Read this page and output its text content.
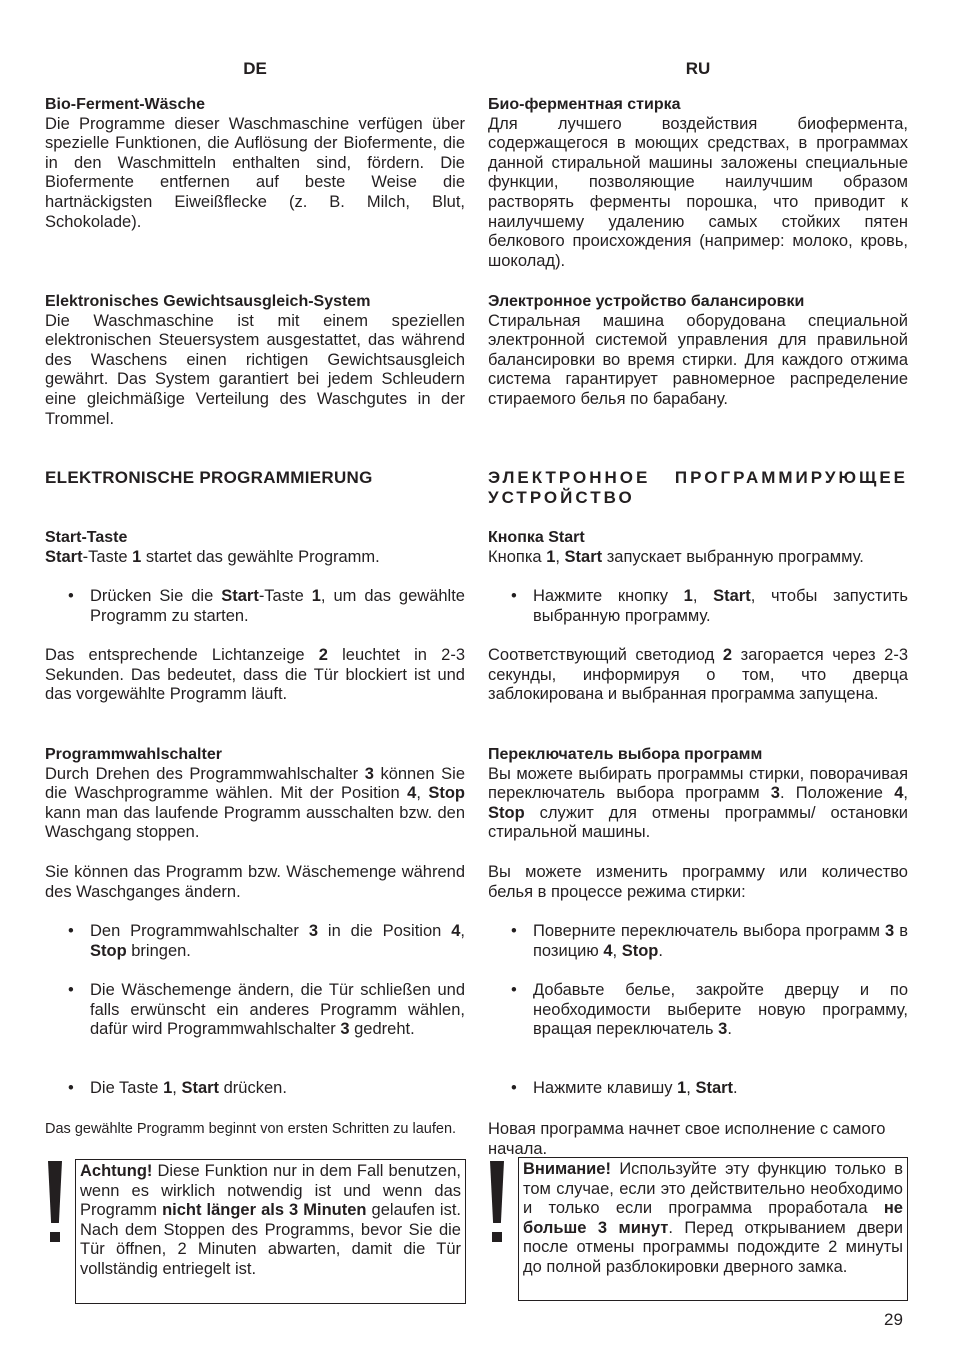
DE
Bio-Ferment-Wäsche
Die Programme dieser Waschmaschine verfügen über spezielle Funktionen, die Auflösung der Biofermente, die in den Waschmitteln enthalten sind, fördern. Die Biofermente entfernen auf beste Weise die hartnäckigsten Eiweißflecke (z. B. Milch, Blut, Schokolade).
Elektronisches Gewichtsausgleich-System
Die Waschmaschine ist mit einem speziellen elektronischen Steuersystem ausgestattet, das während des Waschens einen richtigen Gewichtsausgleich gewährt. Das System garantiert bei jedem Schleudern eine gleichmäßige Verteilung des Waschgutes in der Trommel.
ELEKTRONISCHE PROGRAMMIERUNG
Start-Taste
Start-Taste 1 startet das gewählte Programm.
• Drücken Sie die Start-Taste 1, um das gewählte Programm zu starten.
Das entsprechende Lichtanzeige 2 leuchtet in 2-3 Sekunden. Das bedeutet, dass die Tür blockiert ist und das vorgewählte Programm läuft.
Programmwahlschalter
Durch Drehen des Programmwahlschalter 3 können Sie die Waschprogramme wählen. Mit der Position 4, Stop kann man das laufende Programm ausschalten bzw. den Waschgang stoppen.
Sie können das Programm bzw. Wäschemenge während des Waschganges ändern.
• Den Programmwahlschalter 3 in die Position 4, Stop bringen.
• Die Wäschemenge ändern, die Tür schließen und falls erwünscht ein anderes Programm wählen, dafür wird Programmwahlschalter 3 gedreht.
• Die Taste 1, Start drücken.
Das gewählte Programm beginnt von ersten Schritten zu laufen.
Achtung! Diese Funktion nur in dem Fall benutzen, wenn es wirklich notwendig ist und wenn das Programm nicht länger als 3 Minuten gelaufen ist. Nach dem Stoppen des Programms, bevor Sie die Tür öffnen, 2 Minuten abwarten, damit die Tür vollständig entriegelt ist.
RU
Био-ферментная стирка
Для лучшего воздействия биофермента, содержащегося в моющих средствах, в программах данной стиральной машины заложены специальные функции, позволяющие наилучшим образом растворять ферменты порошка, что приводит к наилучшему удалению самых стойких пятен белкового происхождения (например: молоко, кровь, шоколад).
Электронное устройство балансировки
Стиральная машина оборудована специальной электронной системой управления для правильной балансировки во время стирки. Для каждого отжима система гарантирует равномерное распределение стираемого белья по барабану.
ЭЛЕКТРОННОЕ ПРОГРАММИРУЮЩЕЕ УСТРОЙСТВО
Кнопка Start
Кнопка 1, Start запускает выбранную программу.
• Нажмите кнопку 1, Start, чтобы запустить выбранную программу.
Соответствующий светодиод 2 загорается через 2-3 секунды, информируя о том, что дверца заблокирована и выбранная программа запущена.
Переключатель выбора программ
Вы можете выбирать программы стирки, поворачивая переключатель выбора программ 3. Положение 4, Stop служит для отмены программы/ остановки стиральной машины.
Вы можете изменить программу или количество белья в процессе режима стирки:
• Поверните переключатель выбора программ 3 в позицию 4, Stop.
• Добавьте белье, закройте дверцу и по необходимости выберите новую программу, вращая переключатель 3.
• Нажмите клавишу 1, Start.
Новая программа начнет свое исполнение с самого начала.
Внимание! Используйте эту функцию только в том случае, если это действительно необходимо и только если программа проработала не больше 3 минут. Перед открыванием двери после отмены программы подождите 2 минуты до полной разблокировки дверного замка.
29
